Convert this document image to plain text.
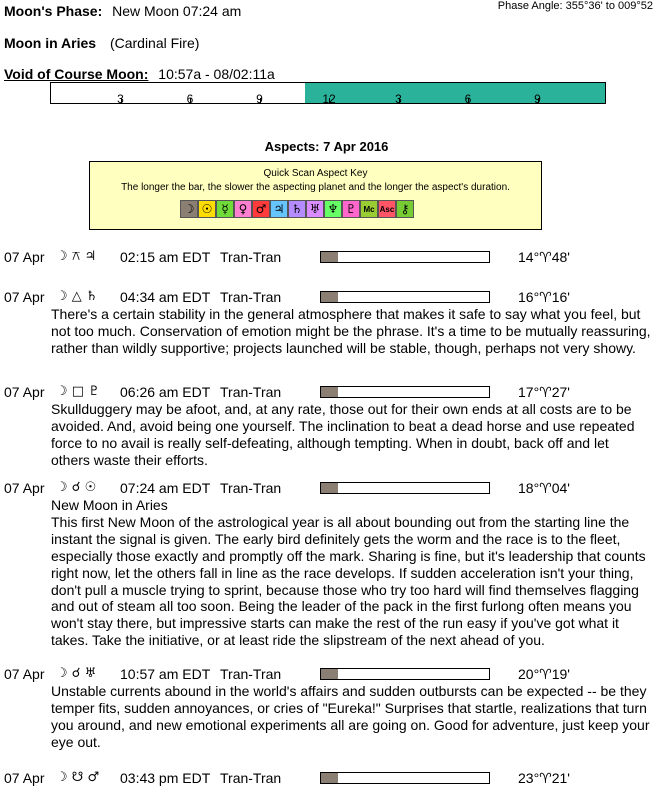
Moon's Phase: New Moon 07:24 am	Phase Angle: 355°36' to 009°52
Moon in Aries (Cardinal Fire)
Void of Course Moon: 10:57a - 08/02:11a
3	6	9	12	3	6	9
Aspects: 7 Apr 2016
Quick Scan Aspect Key
The longer the bar, the slower the aspecting planet and the longer the aspect's duration.
☽ ☉ ☿ ♀ ♂ ♃ ♄ ♅ ♆ ♇ Mc Asc ⚷
07 Apr ☽ ⚻ ♃	02:15 am EDT Tran-Tran	14°♈48'
07 Apr ☽ △ ♄	04:34 am EDT Tran-Tran	16°♈16'
There's a certain stability in the general atmosphere that makes it safe to say what you feel, but not too much. Conservation of emotion might be the phrase. It's a time to be mutually reassuring, rather than wildly supportive; projects launched will be stable, though, perhaps not very showy.
07 Apr ☽ □ ♇	06:26 am EDT Tran-Tran	17°♈27'
Skullduggery may be afoot, and, at any rate, those out for their own ends at all costs are to be avoided. And, avoid being one yourself. The inclination to beat a dead horse and use repeated force to no avail is really self-defeating, although tempting. When in doubt, back off and let others waste their efforts.
07 Apr ☽ ☌ ☉	07:24 am EDT Tran-Tran	18°♈04'
New Moon in Aries
This first New Moon of the astrological year is all about bounding out from the starting line the instant the signal is given. The early bird definitely gets the worm and the race is to the fleet, especially those exactly and promptly off the mark. Sharing is fine, but it's leadership that counts right now, let the others fall in line as the race develops. If sudden acceleration isn't your thing, don't pull a muscle trying to sprint, because those who try too hard will find themselves flagging and out of steam all too soon. Being the leader of the pack in the first furlong often means you won't stay there, but impressive starts can make the rest of the run easy if you've got what it takes. Take the initiative, or at least ride the slipstream of the next ahead of you.
07 Apr ☽ ☌ ♅	10:57 am EDT Tran-Tran	20°♈19'
Unstable currents abound in the world's affairs and sudden outbursts can be expected -- be they temper fits, sudden annoyances, or cries of "Eureka!" Surprises that startle, realizations that turn you around, and new emotional experiments all are going on. Good for adventure, just keep your eye out.
07 Apr ☽ ☋ ♂	03:43 pm EDT Tran-Tran	23°♈21'
